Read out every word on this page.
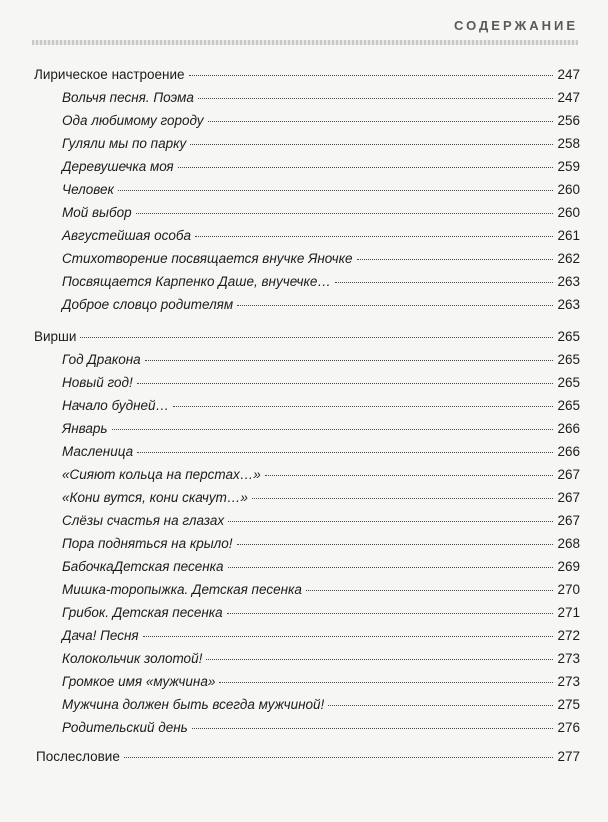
СОДЕРЖАНИЕ

Лирическое настроение	247
Вольчя песня. Поэма	247
Ода любимому городу	256
Гуляли мы по парку	258
Деревушечка моя	259
Человек	260
Мой выбор	260
Августейшая особа	261
Стихотворение посвящается внучке Яночке	262
Посвящается Карпенко Даше, внучечке…	263
Доброе словцо родителям	263
Вирши	265
Год Дракона	265
Новый год!	265
Начало будней…	265
Январь	266
Масленица	266
«Сияют кольца на перстах…»	267
«Кони вутся, кони скачут…»	267
Слёзы счастья на глазах	267
Пора подняться на крыло!	268
БабочкаДетская песенка	269
Мишка-торопыжка. Детская песенка	270
Грибок. Детская песенка	271
Дача! Песня	272
Колокольчик золотой!	273
Громкое имя «мужчина»	273
Мужчина должен быть всегда мужчиной!	275
Родительский день	276
Послесловие	277
